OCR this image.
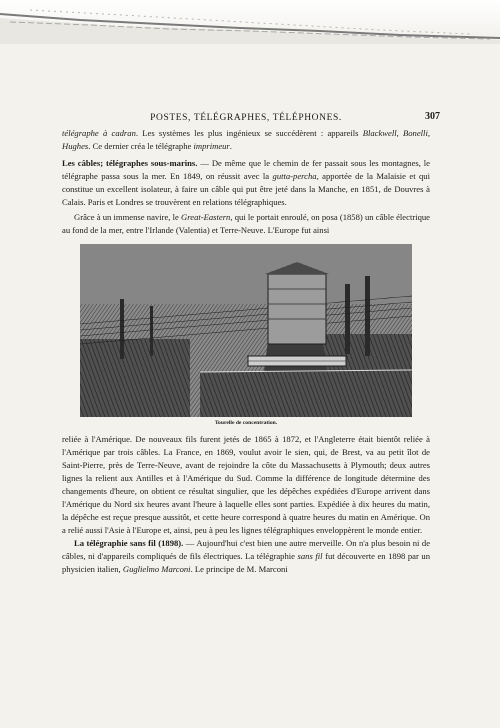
POSTES, TÉLÉGRAPHES, TÉLÉPHONES.	307

télégraphe à cadran. Les systèmes les plus ingénieux se succédèrent : appareils Blackwell, Bonelli, Hughes. Ce dernier créa le télégraphe imprimeur.

Les câbles; télégraphes sous-marins. — De même que le chemin de fer passait sous les montagnes, le télégraphe passa sous la mer. En 1849, on réussit avec la gutta-percha, apportée de la Malaisie et qui constitue un excellent isolateur, à faire un câble qui put être jeté dans la Manche, en 1851, de Douvres à Calais. Paris et Londres se trouvèrent en relations télégraphiques.

Grâce à un immense navire, le Great-Eastern, qui le portait enroulé, on posa (1858) un câble électrique au fond de la mer, entre l'Irlande (Valentia) et Terre-Neuve. L'Europe fut ainsi

Tourelle de concentration.

reliée à l'Amérique. De nouveaux fils furent jetés de 1865 à 1872, et l'Angleterre était bientôt reliée à l'Amérique par trois câbles. La France, en 1869, voulut avoir le sien, qui, de Brest, va au petit îlot de Saint-Pierre, près de Terre-Neuve, avant de rejoindre la côte du Massachusetts à Plymouth; deux autres lignes la relient aux Antilles et à l'Amérique du Sud. Comme la différence de longitude détermine des changements d'heure, on obtient ce résultat singulier, que les dépêches expédiées d'Europe arrivent dans l'Amérique du Nord six heures avant l'heure à laquelle elles sont parties. Expédiée à dix heures du matin, la dépêche est reçue presque aussitôt, et cette heure correspond à quatre heures du matin en Amérique. On a relié aussi l'Asie à l'Europe et, ainsi, peu à peu les lignes télégraphiques enveloppèrent le monde entier.

La télégraphie sans fil (1898). — Aujourd'hui c'est bien une autre merveille. On n'a plus besoin ni de câbles, ni d'appareils compliqués de fils électriques. La télégraphie sans fil fut découverte en 1898 par un physicien italien, Guglielmo Marconi. Le principe de M. Marconi
